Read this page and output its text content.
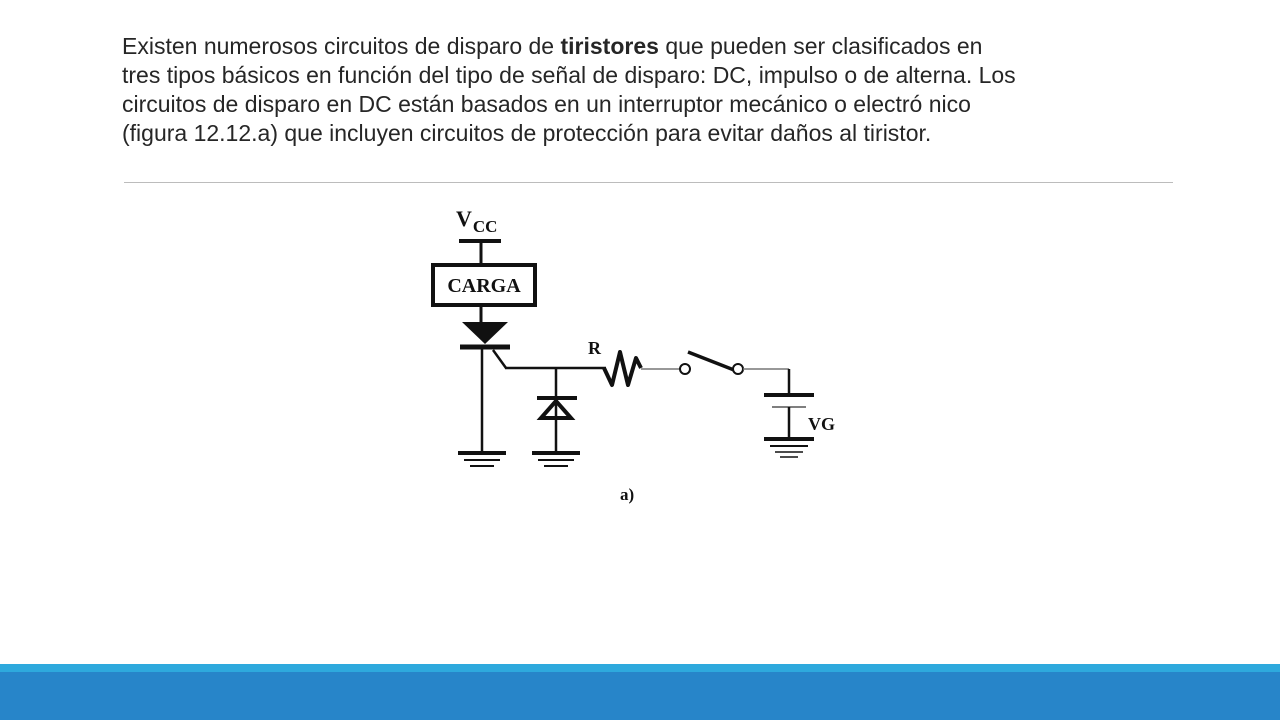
Existen numerosos circuitos de disparo de tiristores que pueden ser clasificados en
tres tipos básicos en función del tipo de señal de disparo: DC, impulso o de alterna. Los
circuitos de disparo en DC están basados en un interruptor mecánico o electró nico
(figura 12.12.a) que incluyen circuitos de protección para evitar daños al tiristor.

$V_{CC}$
CARGA
R
VG
a)
